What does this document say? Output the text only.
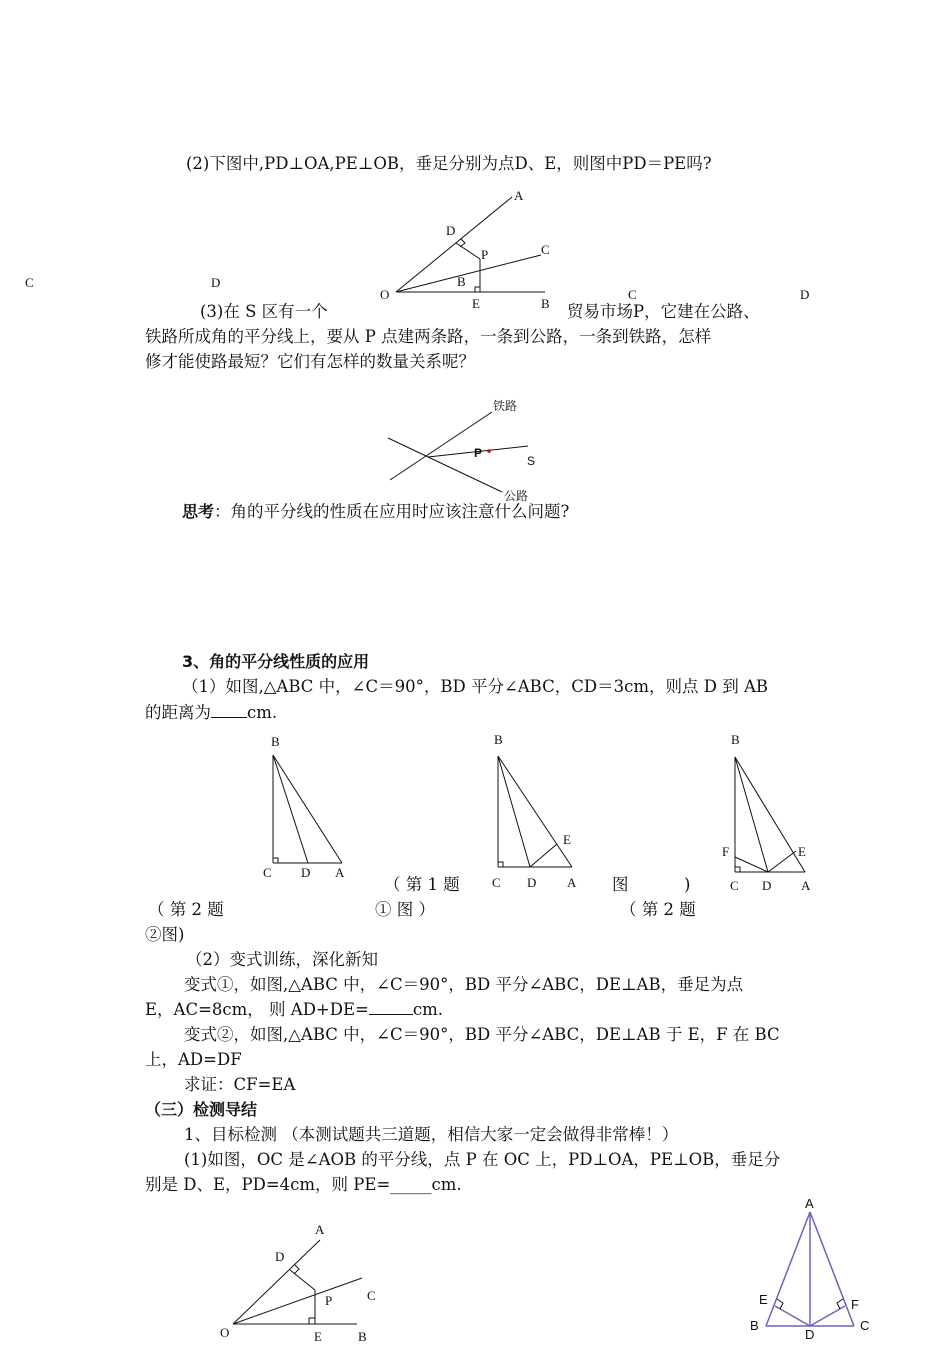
(2)下图中,PD⊥OA,PE⊥OB，垂足分别为点D、E，则图中PD＝PE吗?
A
D
P	C
B
O
E	B
C	D
C	D
(3)在 S 区有一个	贸易市场P，它建在公路、
铁路所成角的平分线上，要从 P 点建两条路，一条到公路，一条到铁路，怎样
修才能使路最短？它们有怎样的数量关系呢？
铁路
P
S
公路
思考：角的平分线的性质在应用时应该注意什么问题?
3、角的平分线性质的应用
（1）如图,△ABC 中，∠C＝90°，BD 平分∠ABC，CD＝3cm，则点 D 到 AB
的距离为 cm.
B
C D A
B
E
C D A
B
F	E
C D A
（ 第 1 题	图	)
（ 第 2 题	① 图 ）	（ 第 2 题
②图)
（2）变式训练，深化新知
变式①，如图,△ABC 中，∠C＝90°，BD 平分∠ABC，DE⊥AB，垂足为点
E，AC=8cm， 则 AD+DE=	cm.
变式②，如图,△ABC 中，∠C＝90°，BD 平分∠ABC，DE⊥AB 于 E，F 在 BC
上，AD=DF
求证：CF=EA
（三）检测导结
1、目标检测 （本测试题共三道题，相信大家一定会做得非常棒！）
(1)如图，OC 是∠AOB 的平分线，点 P 在 OC 上，PD⊥OA，PE⊥OB，垂足分
别是 D、E，PD=4cm，则 PE=_____cm.
A
D
P	C
O	E	B
A
E	F
B
D
C
